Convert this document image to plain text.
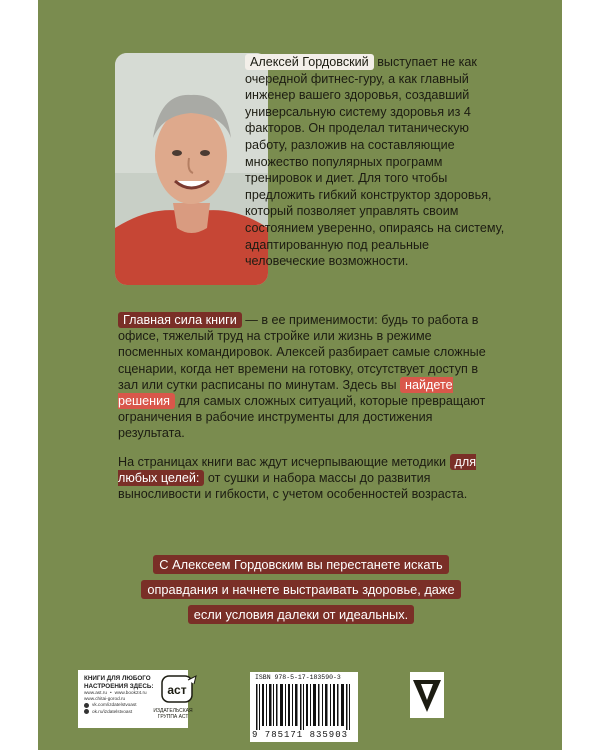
Алексей Гордовский выступает не как очередной фитнес-гуру, а как главный инженер вашего здоровья, создавший универсальную систему здоровья из 4 факторов. Он проделал титаническую работу, разложив на составляющие множество популярных программ тренировок и диет. Для того чтобы предложить гибкий конструктор здоровья, который позволяет управлять своим состоянием уверенно, опираясь на систему, адаптированную под реальные человеческие возможности.

Главная сила книги — в ее применимости: будь то работа в офисе, тяжелый труд на стройке или жизнь в режиме посменных командировок. Алексей разбирает самые сложные сценарии, когда нет времени на готовку, отсутствует доступ в зал или сутки расписаны по минутам. Здесь вы найдете решения для самых сложных ситуаций, которые превращают ограничения в рабочие инструменты для достижения результата.

На страницах книги вас ждут исчерпывающие методики для любых целей: от сушки и набора массы до развития выносливости и гибкости, с учетом особенностей возраста.

С Алексеем Гордовским вы перестанете искать
оправдания и начнете выстраивать здоровье, даже
если условия далеки от идеальных.
КНИГИ ДЛЯ ЛЮБОГО
НАСТРОЕНИЯ ЗДЕСЬ:
www.ast.ru • www.book24.ru
www.chitai-gorod.ru
vk.com/izdatelstvoast
ok.ru/izdatelstvoast
аст
ИЗДАТЕЛЬСКАЯ
ГРУППА АСТ
ISBN 978-5-17-183590-3
9 785171 835903
